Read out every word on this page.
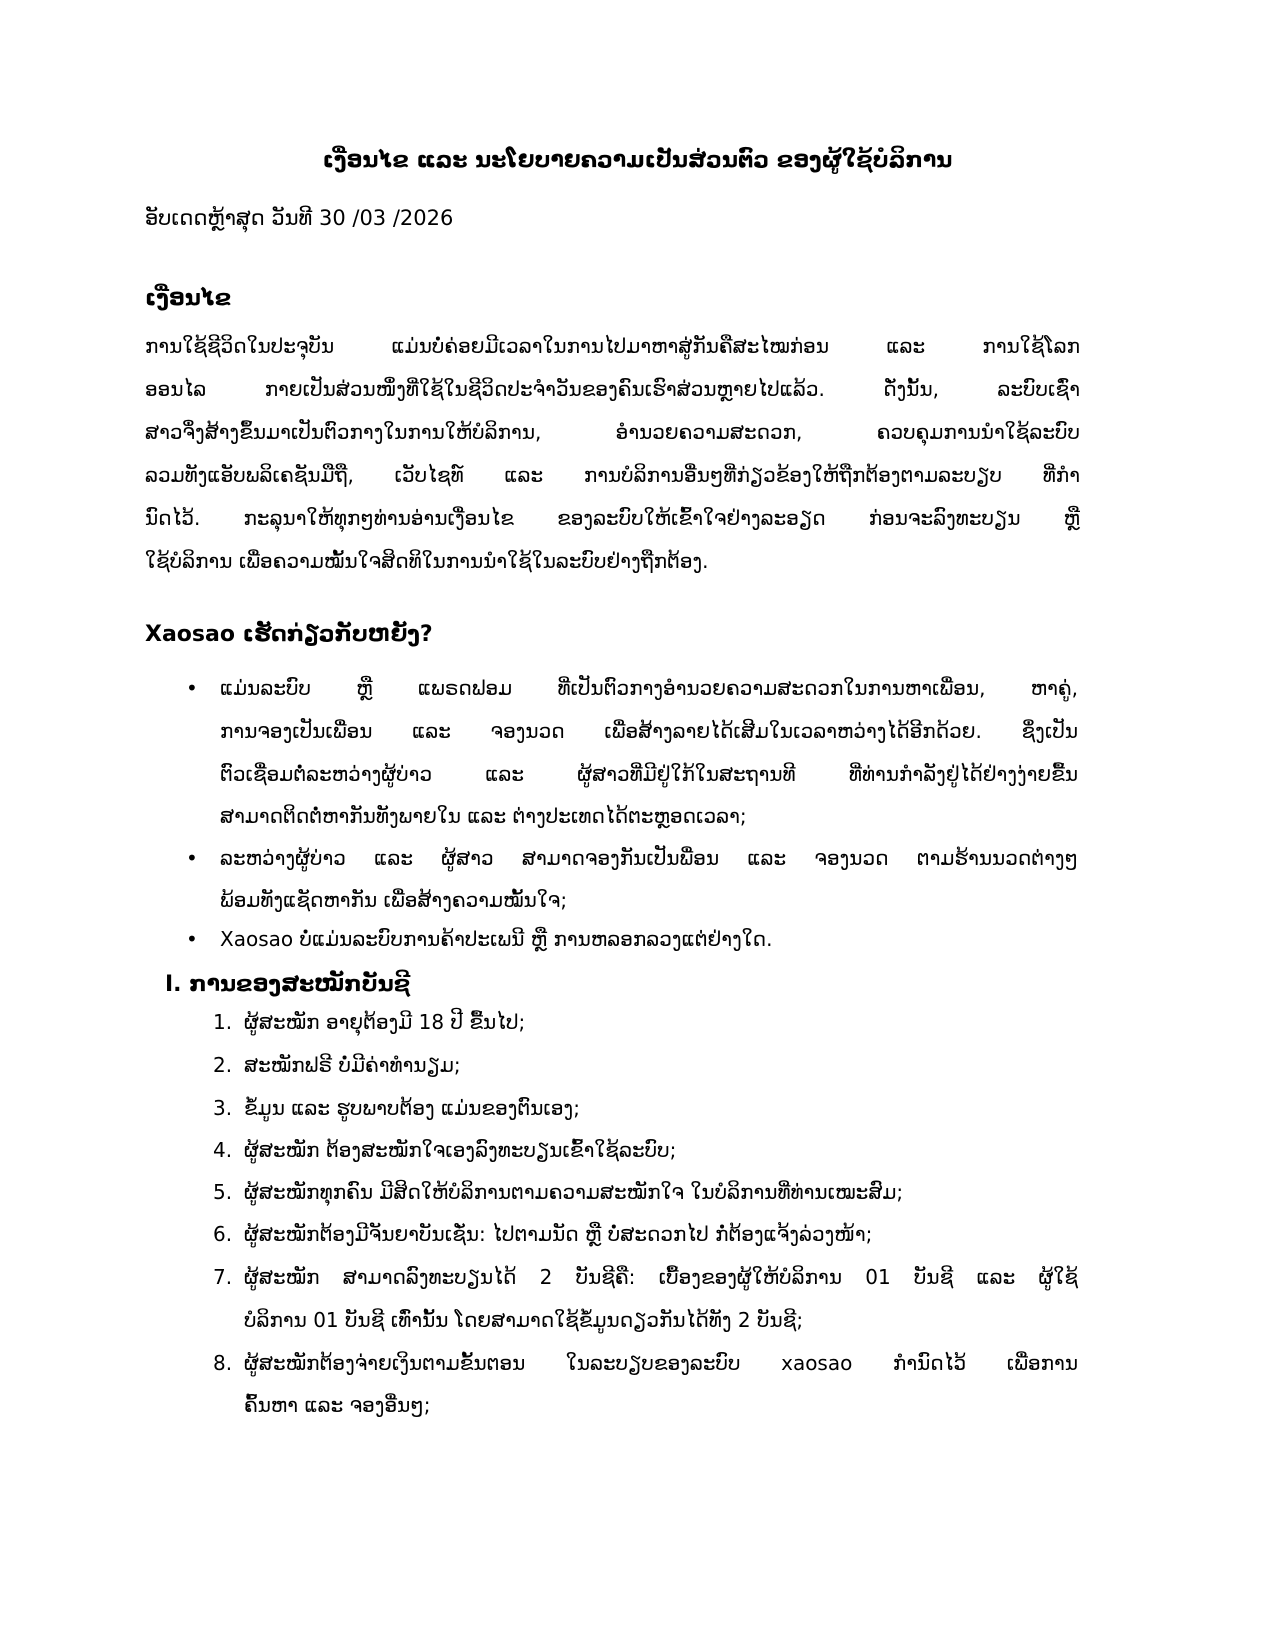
ເງື່ອນໄຂ ແລະ ນະໂຍບາຍຄວາມເປັນສ່ວນຕົວ ຂອງຜູ້ໃຊ້ບໍລິການ
ອັບເດດຫຼ້າສຸດ ວັນທີ 30 /03 /2026
ເງື່ອນໄຂ
ການໃຊ້ຊີວິດໃນປະຈຸບັນ ແມ່ນບໍ່ຄ່ອຍມີເວລາໃນການໄປມາຫາສູ່ກັນຄືສະໄໝກ່ອນ ແລະ ການໃຊ້ໂລກ
ອອນໄລ ກາຍເປັນສ່ວນໜຶ່ງທີ່ໃຊ້ໃນຊີວິດປະຈຳວັນຂອງຄົນເຮົາສ່ວນຫຼາຍໄປແລ້ວ. ດັ່ງນັ້ນ, ລະບົບເຊົ່າ
ສາວຈຶ່ງສ້າງຂຶ້ນມາເປັນຕົວກາງໃນການໃຫ້ບໍລິການ, ອຳນວຍຄວາມສະດວກ, ຄວບຄຸມການນຳໃຊ້ລະບົບ
ລວມທັງແອັບພລິເຄຊັນມືຖື, ເວັບໄຊທ໌ ແລະ ການບໍລິການອື່ນໆທີ່ກ່ຽວຂ້ອງໃຫ້ຖືກຕ້ອງຕາມລະບຽບ ທີ່ກຳ
ນົດໄວ້. ກະລຸນາໃຫ້ທຸກໆທ່ານອ່ານເງື່ອນໄຂ ຂອງລະບົບໃຫ້ເຂົ້າໃຈຢ່າງລະອຽດ ກ່ອນຈະລົງທະບຽນ ຫຼື
ໃຊ້ບໍລິການ ເພື່ອຄວາມໝັ້ນໃຈສິດທິໃນການນຳໃຊ້ໃນລະບົບຢ່າງຖືກຕ້ອງ.
Xaosao ເຮັດກ່ຽວກັບຫຍັງ?
• ແມ່ນລະບົບ ຫຼື ແພຣດຟອມ ທີ່ເປັນຕົວກາງອຳນວຍຄວາມສະດວກໃນການຫາເພື່ອນ, ຫາຄູ່,
ການຈອງເປັນເພື່ອນ ແລະ ຈອງນວດ ເພື່ອສ້າງລາຍໄດ້ເສີມໃນເວລາຫວ່າງໄດ້ອີກດ້ວຍ. ຊຶ່ງເປັນ
ຕົວເຊື່ອມຕໍ່ລະຫວ່າງຜູ້ບ່າວ ແລະ ຜູ້ສາວທີ່ມີຢູ່ໃກ້ໃນສະຖານທີ ທີ່ທ່ານກຳລັງຢູ່ໄດ້ຢ່າງງ່າຍຂື້ນ
ສາມາດຕິດຕໍ່ຫາກັນທັງພາຍໃນ ແລະ ຕ່າງປະເທດໄດ້ຕະຫຼອດເວລາ;
• ລະຫວ່າງຜູ້ບ່າວ ແລະ ຜູ້ສາວ ສາມາດຈອງກັນເປັນພື່ອນ ແລະ ຈອງນວດ ຕາມຮ້ານນວດຕ່າງໆ
ພ້ອມທັງແຊັດຫາກັນ ເພື່ອສ້າງຄວາມໝັ້ນໃຈ;
• Xaosao ບໍ່ແມ່ນລະບົບການຄ້າປະເພນີ ຫຼື ການຫລອກລວງແຕ່ຢ່າງໃດ.
I. ການຂອງສະໝັກບັນຊີ
1. ຜູ້ສະໝັກ ອາຍຸຕ້ອງມີ 18 ປີ ຂື້ນໄປ;
2. ສະໝັກຟຣີ ບໍ່ມີຄ່າທຳນຽມ;
3. ຂໍ້ມູນ ແລະ ຮູບພາບຕ້ອງ ແມ່ນຂອງຕົນເອງ;
4. ຜູ້ສະໝັກ ຕ້ອງສະໝັກໃຈເອງລົງທະບຽນເຂົ້າໃຊ້ລະບົບ;
5. ຜູ້ສະໝັກທຸກຄົນ ມີສິດໃຫ້ບໍລິການຕາມຄວາມສະໝັກໃຈ ໃນບໍລິການທີ່ທ່ານເໝະສົມ;
6. ຜູ້ສະໝັກຕ້ອງມີຈັນຍາບັນເຊັ່ນ: ໄປຕາມນັດ ຫຼື ບໍ່ສະດວກໄປ ກໍ່ຕ້ອງແຈ້ງລ່ວງໜ້າ;
7. ຜູ້ສະໝັກ ສາມາດລົງທະບຽນໄດ້ 2 ບັນຊີຄື: ເບື້ອງຂອງຜູ້ໃຫ້ບໍລິການ 01 ບັນຊີ ແລະ ຜູ້ໃຊ້
ບໍລິການ 01 ບັນຊີ ເທົ່ານັ້ນ ໂດຍສາມາດໃຊ້ຂໍ້ມູນດຽວກັນໄດ້ທັງ 2 ບັນຊີ;
8. ຜູ້ສະໝັກຕ້ອງຈ່າຍເງິນຕາມຂັ້ນຕອນ ໃນລະບຽບຂອງລະບົບ xaosao ກຳນົດໄວ້ ເພື່ອການ
ຄົ້ນຫາ ແລະ ຈອງອື່ນໆ;
